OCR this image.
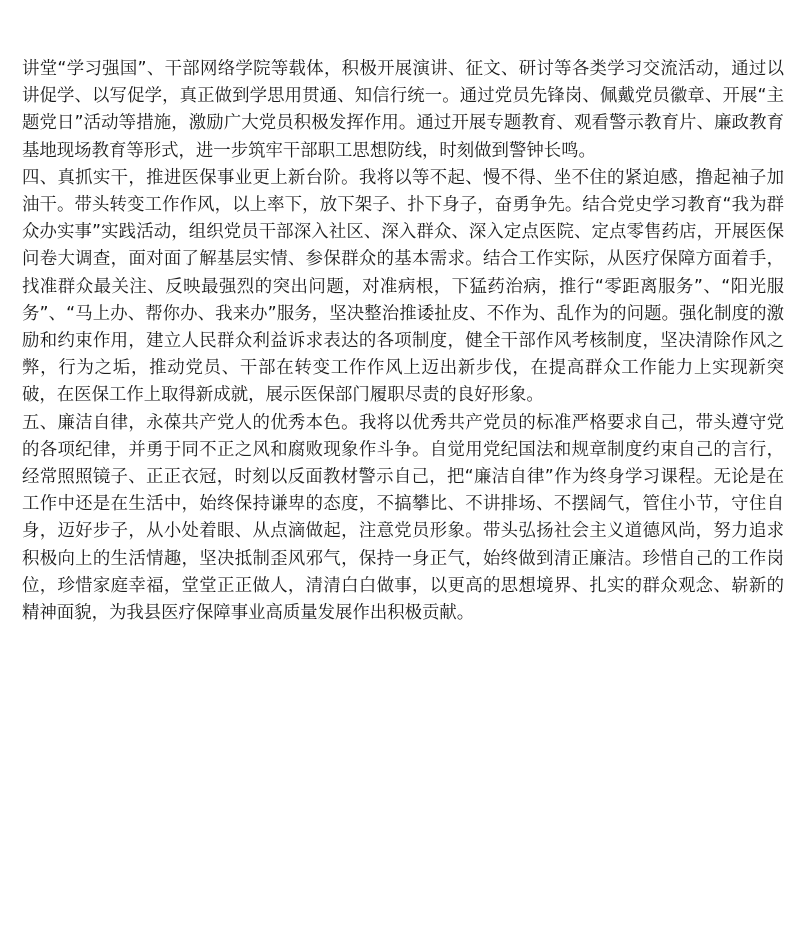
讲堂“学习强国”、干部网络学院等载体，积极开展演讲、征文、研讨等各类学习交流活动，通过以讲促学、以写促学，真正做到学思用贯通、知信行统一。通过党员先锋岗、佩戴党员徽章、开展“主题党日”活动等措施，激励广大党员积极发挥作用。通过开展专题教育、观看警示教育片、廉政教育基地现场教育等形式，进一步筑牢干部职工思想防线，时刻做到警钟长鸣。

四、真抓实干，推进医保事业更上新台阶。我将以等不起、慢不得、坐不住的紧迫感，撸起袖子加油干。带头转变工作作风，以上率下，放下架子、扑下身子，奋勇争先。结合党史学习教育“我为群众办实事”实践活动，组织党员干部深入社区、深入群众、深入定点医院、定点零售药店，开展医保问卷大调查，面对面了解基层实情、参保群众的基本需求。结合工作实际，从医疗保障方面着手，找准群众最关注、反映最强烈的突出问题，对准病根，下猛药治病，推行“零距离服务”、“阳光服务”、“马上办、帮你办、我来办”服务，坚决整治推诿扯皮、不作为、乱作为的问题。强化制度的激励和约束作用，建立人民群众利益诉求表达的各项制度，健全干部作风考核制度，坚决清除作风之弊，行为之垢，推动党员、干部在转变工作作风上迈出新步伐，在提高群众工作能力上实现新突破，在医保工作上取得新成就，展示医保部门履职尽责的良好形象。

五、廉洁自律，永葆共产党人的优秀本色。我将以优秀共产党员的标准严格要求自己，带头遵守党的各项纪律，并勇于同不正之风和腐败现象作斗争。自觉用党纪国法和规章制度约束自己的言行，经常照照镜子、正正衣冠，时刻以反面教材警示自己，把“廉洁自律”作为终身学习课程。无论是在工作中还是在生活中，始终保持谦卑的态度，不搞攀比、不讲排场、不摆阔气，管住小节，守住自身，迈好步子，从小处着眼、从点滴做起，注意党员形象。带头弘扬社会主义道德风尚，努力追求积极向上的生活情趣，坚决抵制歪风邪气，保持一身正气，始终做到清正廉洁。珍惜自己的工作岗位，珍惜家庭幸福，堂堂正正做人，清清白白做事，以更高的思想境界、扎实的群众观念、崭新的精神面貌，为我县医疗保障事业高质量发展作出积极贡献。
